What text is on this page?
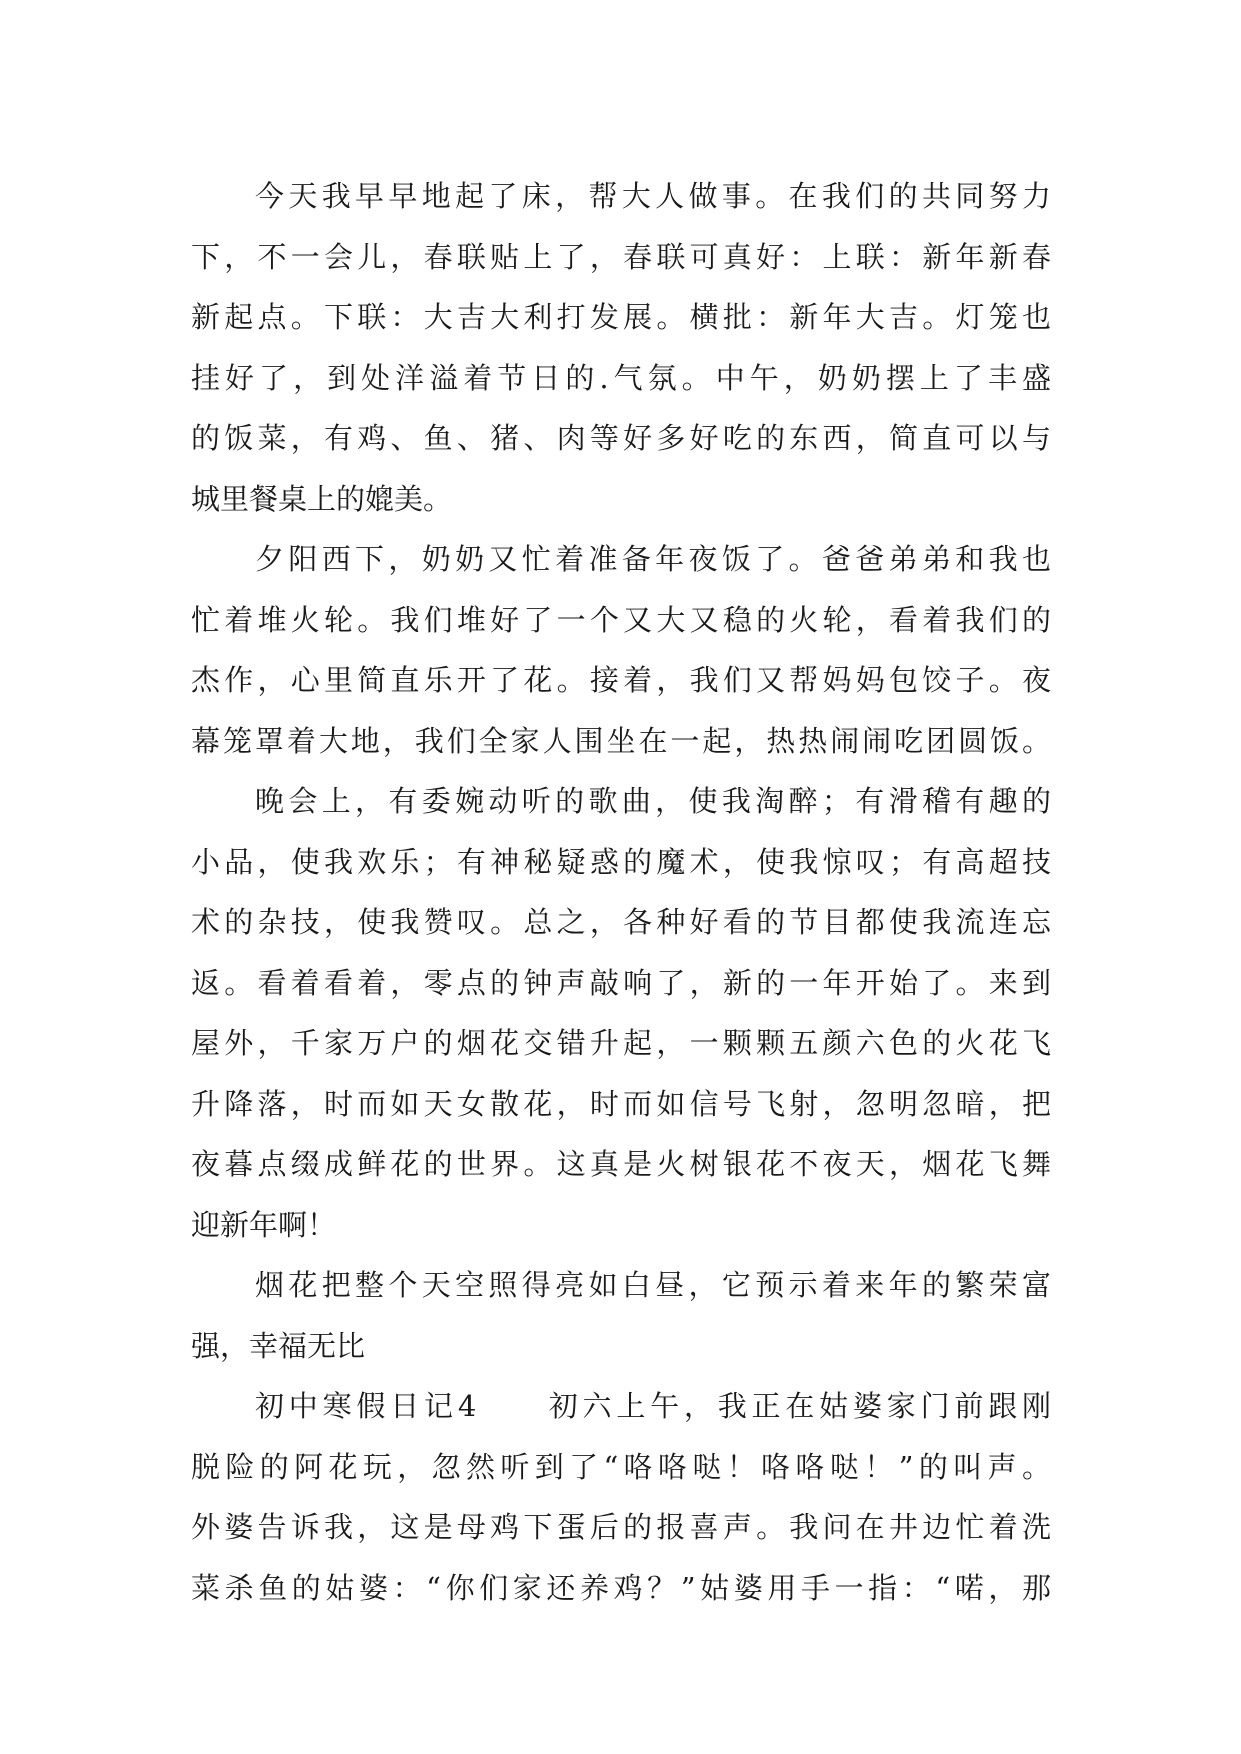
今天我早早地起了床，帮大人做事。在我们的共同努力
下，不一会儿，春联贴上了，春联可真好：上联：新年新春
新起点。下联：大吉大利打发展。横批：新年大吉。灯笼也
挂好了，到处洋溢着节日的.气氛。中午，奶奶摆上了丰盛
的饭菜，有鸡、鱼、猪、肉等好多好吃的东西，简直可以与
城里餐桌上的媲美。
夕阳西下，奶奶又忙着准备年夜饭了。爸爸弟弟和我也
忙着堆火轮。我们堆好了一个又大又稳的火轮，看着我们的
杰作，心里简直乐开了花。接着，我们又帮妈妈包饺子。夜
幕笼罩着大地，我们全家人围坐在一起，热热闹闹吃团圆饭。
晚会上，有委婉动听的歌曲，使我淘醉；有滑稽有趣的
小品，使我欢乐；有神秘疑惑的魔术，使我惊叹；有高超技
术的杂技，使我赞叹。总之，各种好看的节目都使我流连忘
返。看着看着，零点的钟声敲响了，新的一年开始了。来到
屋外，千家万户的烟花交错升起，一颗颗五颜六色的火花飞
升降落，时而如天女散花，时而如信号飞射，忽明忽暗，把
夜暮点缀成鲜花的世界。这真是火树银花不夜天，烟花飞舞
迎新年啊！
烟花把整个天空照得亮如白昼，它预示着来年的繁荣富
强，幸福无比
初中寒假日记4　　初六上午，我正在姑婆家门前跟刚
脱险的阿花玩，忽然听到了“咯咯哒！咯咯哒！”的叫声。
外婆告诉我，这是母鸡下蛋后的报喜声。我问在井边忙着洗
菜杀鱼的姑婆：“你们家还养鸡？”姑婆用手一指：“喏，那
